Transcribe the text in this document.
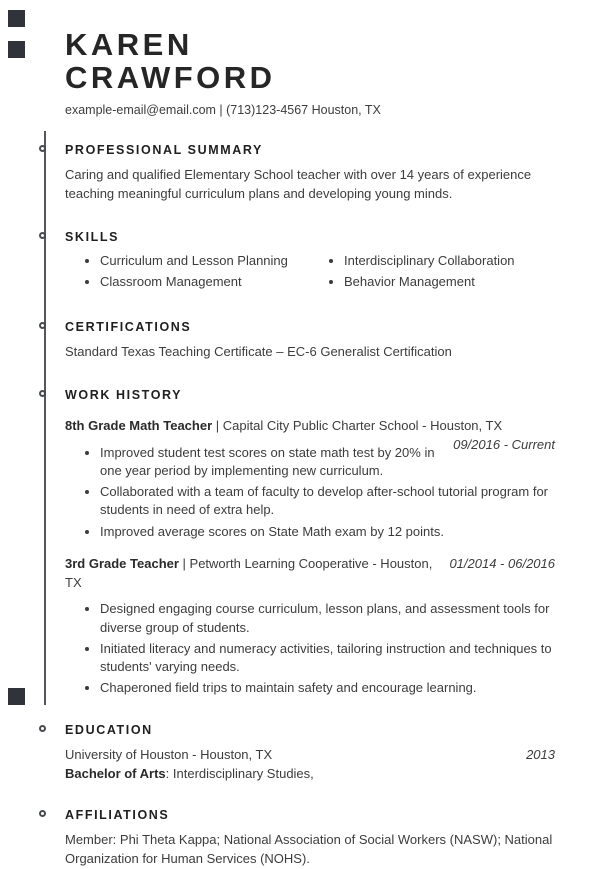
KAREN
CRAWFORD
example-email@email.com | (713)123-4567 Houston, TX
PROFESSIONAL SUMMARY

Caring and qualified Elementary School teacher with over 14 years of experience teaching meaningful curriculum plans and developing young minds.

SKILLS
• Curriculum and Lesson Planning
• Classroom Management
• Interdisciplinary Collaboration
• Behavior Management
CERTIFICATIONS

Standard Texas Teaching Certificate – EC-6 Generalist Certification

WORK HISTORY
8th Grade Math Teacher | Capital City Public Charter School - Houston, TX
09/2016 - Current
• Improved student test scores on state math test by 20% in one year period by implementing new curriculum.
• Collaborated with a team of faculty to develop after-school tutorial program for students in need of extra help.
• Improved average scores on State Math exam by 12 points.
3rd Grade Teacher | Petworth Learning Cooperative - Houston, TX
01/2014 - 06/2016
• Designed engaging course curriculum, lesson plans, and assessment tools for diverse group of students.
• Initiated literacy and numeracy activities, tailoring instruction and techniques to students' varying needs.
• Chaperoned field trips to maintain safety and encourage learning.
EDUCATION
University of Houston - Houston, TX	2013
Bachelor of Arts: Interdisciplinary Studies,
AFFILIATIONS

Member: Phi Theta Kappa; National Association of Social Workers (NASW); National Organization for Human Services (NOHS).
